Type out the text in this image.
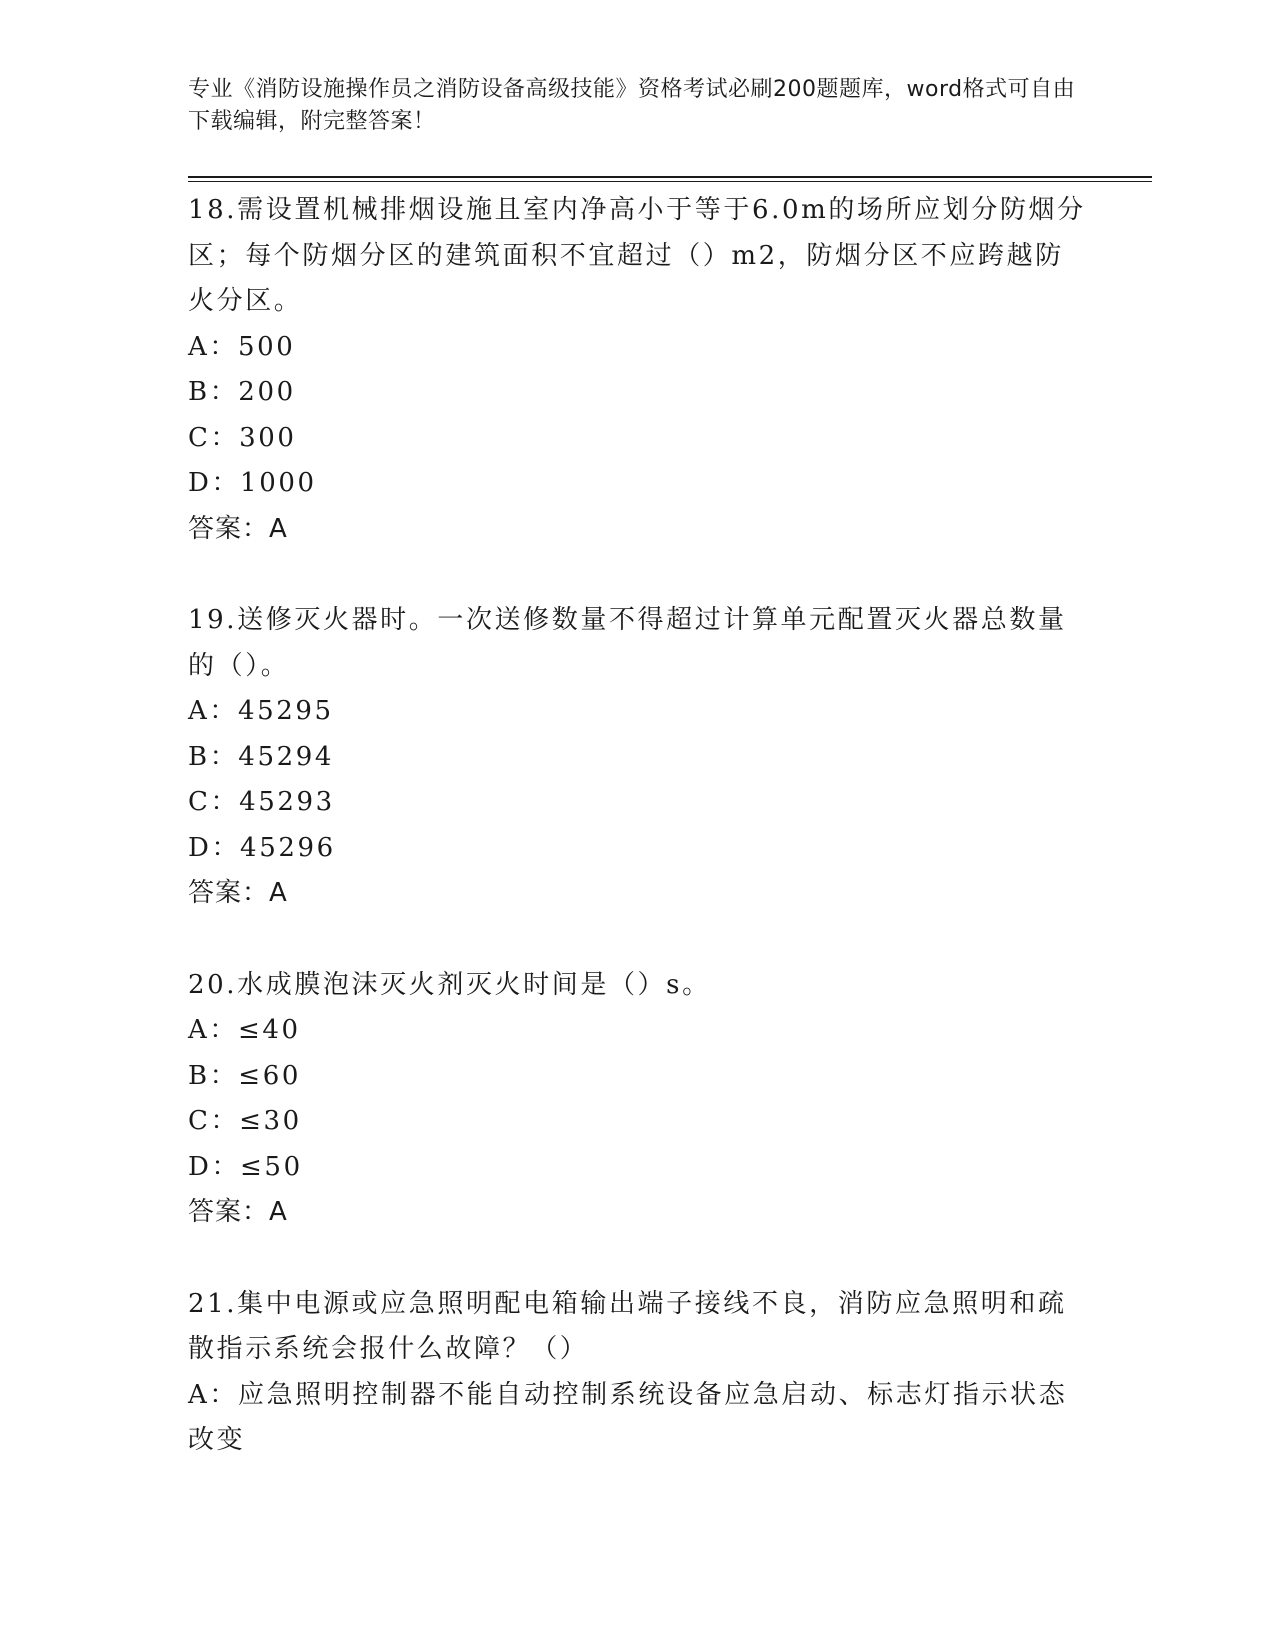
专业《消防设施操作员之消防设备高级技能》资格考试必刷200题题库，word格式可自由下载编辑，附完整答案！

18.需设置机械排烟设施且室内净高小于等于6.0m的场所应划分防烟分区；每个防烟分区的建筑面积不宜超过（）m2，防烟分区不应跨越防火分区。

A：500

B：200

C：300

D：1000

答案：A

19.送修灭火器时。一次送修数量不得超过计算单元配置灭火器总数量的（）。

A：45295

B：45294

C：45293

D：45296

答案：A

20.水成膜泡沫灭火剂灭火时间是（）s。

A：≤40

B：≤60

C：≤30

D：≤50

答案：A

21.集中电源或应急照明配电箱输出端子接线不良，消防应急照明和疏散指示系统会报什么故障？（）

A：应急照明控制器不能自动控制系统设备应急启动、标志灯指示状态改变
